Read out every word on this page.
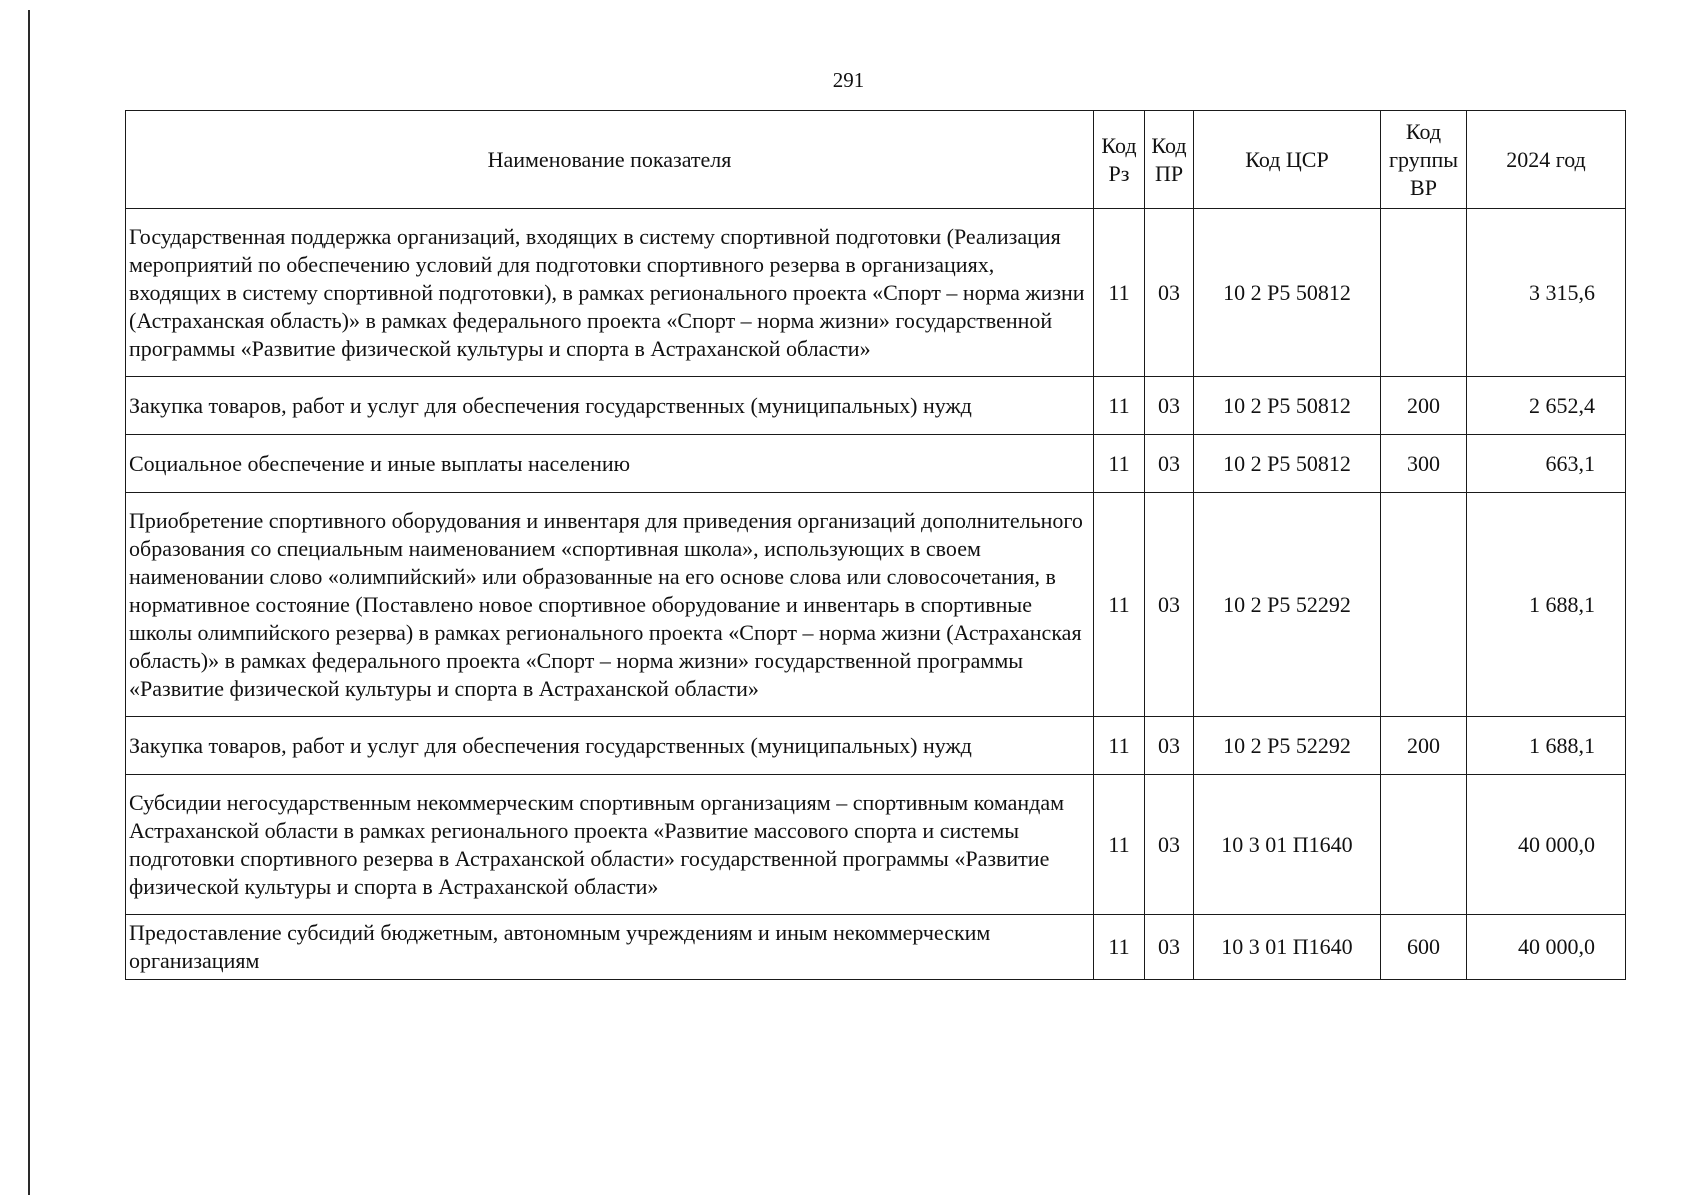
291
Наименование показателя	Код Рз	Код ПР	Код ЦСР	Код группы ВР	2024 год
Государственная поддержка организаций, входящих в систему спортивной подготовки (Реализация мероприятий по обеспечению условий для подготовки спортивного резерва в организациях, входящих в систему спортивной подготовки), в рамках регионального проекта «Спорт – норма жизни (Астраханская область)» в рамках федерального проекта «Спорт – норма жизни» государственной программы «Развитие физической культуры и спорта в Астраханской области»	11	03	10 2 P5 50812		3 315,6
Закупка товаров, работ и услуг для обеспечения государственных (муниципальных) нужд	11	03	10 2 P5 50812	200	2 652,4
Социальное обеспечение и иные выплаты населению	11	03	10 2 P5 50812	300	663,1
Приобретение спортивного оборудования и инвентаря для приведения организаций дополнительного образования со специальным наименованием «спортивная школа», использующих в своем наименовании слово «олимпийский» или образованные на его основе слова или словосочетания, в нормативное состояние (Поставлено новое спортивное оборудование и инвентарь в спортивные школы олимпийского резерва) в рамках регионального проекта «Спорт – норма жизни (Астраханская область)» в рамках федерального проекта «Спорт – норма жизни» государственной программы «Развитие физической культуры и спорта в Астраханской области»	11	03	10 2 P5 52292		1 688,1
Закупка товаров, работ и услуг для обеспечения государственных (муниципальных) нужд	11	03	10 2 P5 52292	200	1 688,1
Субсидии негосударственным некоммерческим спортивным организациям – спортивным командам Астраханской области в рамках регионального проекта «Развитие массового спорта и системы подготовки спортивного резерва в Астраханской области» государственной программы «Развитие физической культуры и спорта в Астраханской области»	11	03	10 3 01 П1640		40 000,0
Предоставление субсидий бюджетным, автономным учреждениям и иным некоммерческим организациям	11	03	10 3 01 П1640	600	40 000,0
